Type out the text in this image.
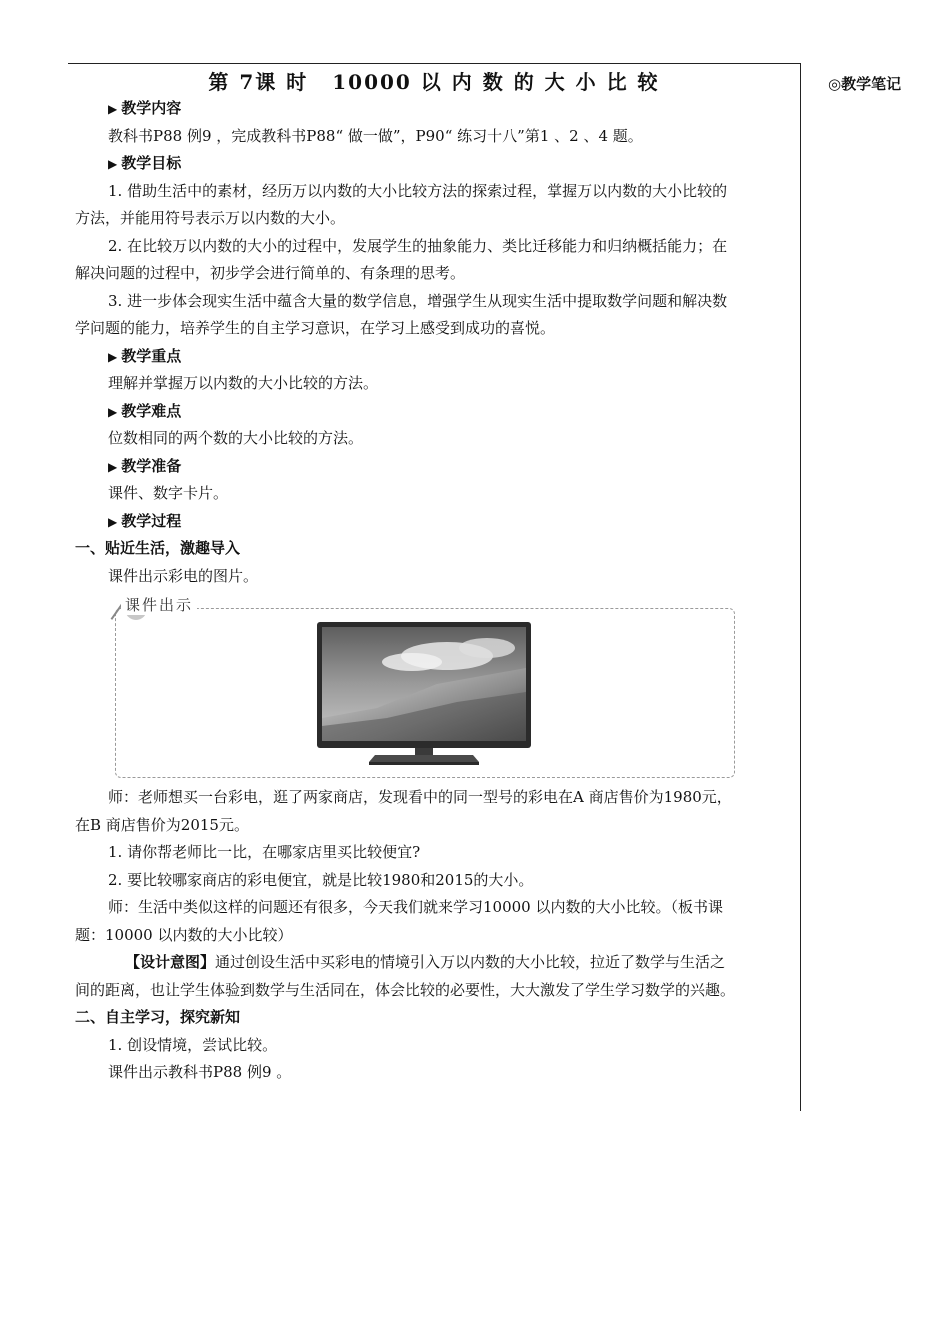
◎教学笔记
第 7课 时 10000 以 内 数 的 大 小 比 较
▶ 教学内容
教科书P88 例9 ，完成教科书P88“ 做一做”，P90“ 练习十八”第1 、2 、4 题。
▶ 教学目标
1. 借助生活中的素材，经历万以内数的大小比较方法的探索过程，掌握万以内数的大小比较的
方法，并能用符号表示万以内数的大小。
2. 在比较万以内数的大小的过程中，发展学生的抽象能力、类比迁移能力和归纳概括能力；在
解决问题的过程中，初步学会进行简单的、有条理的思考。
3. 进一步体会现实生活中蕴含大量的数学信息，增强学生从现实生活中提取数学问题和解决数
学问题的能力，培养学生的自主学习意识，在学习上感受到成功的喜悦。
▶ 教学重点
理解并掌握万以内数的大小比较的方法。
▶ 教学难点
位数相同的两个数的大小比较的方法。
▶ 教学准备
课件、数字卡片。
▶ 教学过程
一、贴近生活，激趣导入
课件出示彩电的图片。
课件出示
师：老师想买一台彩电，逛了两家商店，发现看中的同一型号的彩电在A 商店售价为1980元，
在B 商店售价为2015元。
1. 请你帮老师比一比，在哪家店里买比较便宜?
2. 要比较哪家商店的彩电便宜，就是比较1980和2015的大小。
师：生活中类似这样的问题还有很多，今天我们就来学习10000 以内数的大小比较。（板书课
题：10000 以内数的大小比较）
【设计意图】通过创设生活中买彩电的情境引入万以内数的大小比较，拉近了数学与生活之
间的距离，也让学生体验到数学与生活同在，体会比较的必要性，大大激发了学生学习数学的兴趣。
二、自主学习，探究新知
1. 创设情境，尝试比较。
课件出示教科书P88 例9 。
